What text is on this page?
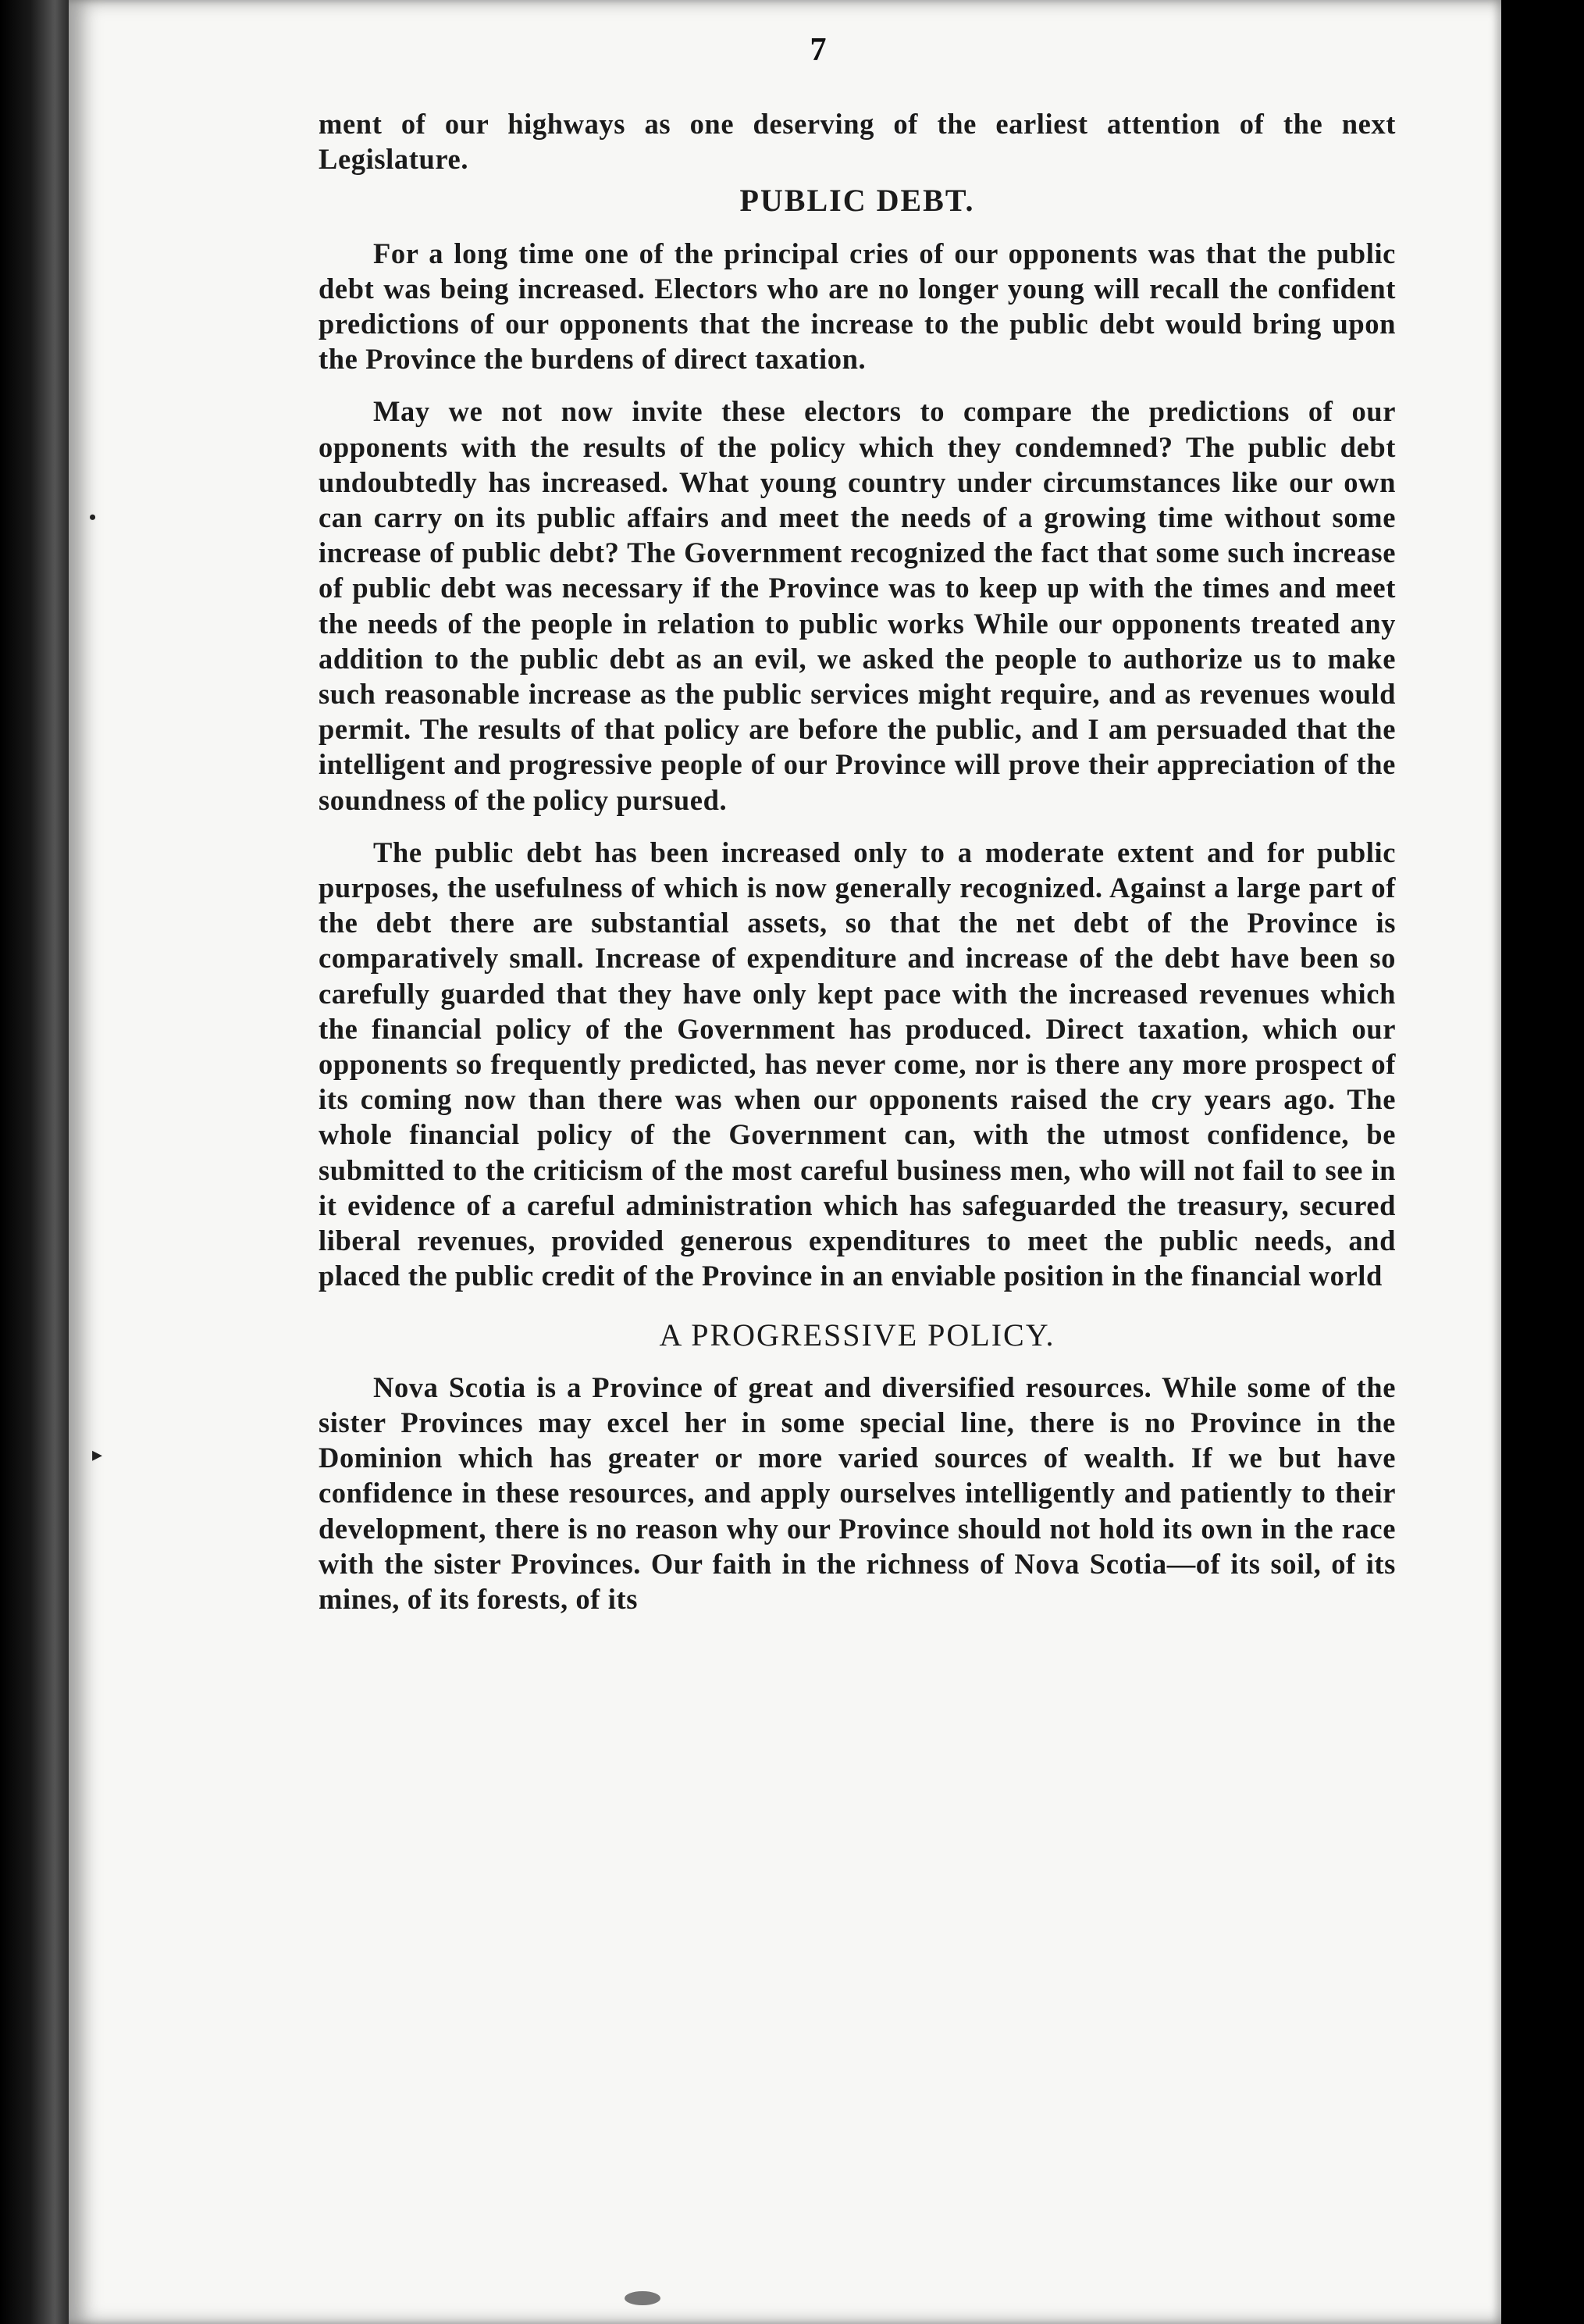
7

ment of our highways as one deserving of the earliest attention of the next Legislature.

PUBLIC DEBT.

For a long time one of the principal cries of our opponents was that the public debt was being increased. Electors who are no longer young will recall the confident predictions of our opponents that the increase to the public debt would bring upon the Province the burdens of direct taxation.

May we not now invite these electors to compare the predictions of our opponents with the results of the policy which they condemned? The public debt undoubtedly has increased. What young country under circumstances like our own can carry on its public affairs and meet the needs of a growing time without some increase of public debt? The Government recognized the fact that some such increase of public debt was necessary if the Province was to keep up with the times and meet the needs of the people in relation to public works While our opponents treated any addition to the public debt as an evil, we asked the people to authorize us to make such reasonable increase as the public services might require, and as revenues would permit. The results of that policy are before the public, and I am persuaded that the intelligent and progressive people of our Province will prove their appreciation of the soundness of the policy pursued.

The public debt has been increased only to a moderate extent and for public purposes, the usefulness of which is now generally recognized. Against a large part of the debt there are substantial assets, so that the net debt of the Province is comparatively small. Increase of expenditure and increase of the debt have been so carefully guarded that they have only kept pace with the increased revenues which the financial policy of the Government has produced. Direct taxation, which our opponents so frequently predicted, has never come, nor is there any more prospect of its coming now than there was when our opponents raised the cry years ago. The whole financial policy of the Government can, with the utmost confidence, be submitted to the criticism of the most careful business men, who will not fail to see in it evidence of a careful administration which has safeguarded the treasury, secured liberal revenues, provided generous expenditures to meet the public needs, and placed the public credit of the Province in an enviable position in the financial world

A PROGRESSIVE POLICY.

Nova Scotia is a Province of great and diversified resources. While some of the sister Provinces may excel her in some special line, there is no Province in the Dominion which has greater or more varied sources of wealth. If we but have confidence in these resources, and apply ourselves intelligently and patiently to their development, there is no reason why our Province should not hold its own in the race with the sister Provinces. Our faith in the richness of Nova Scotia—of its soil, of its mines, of its forests, of its

•
▸
